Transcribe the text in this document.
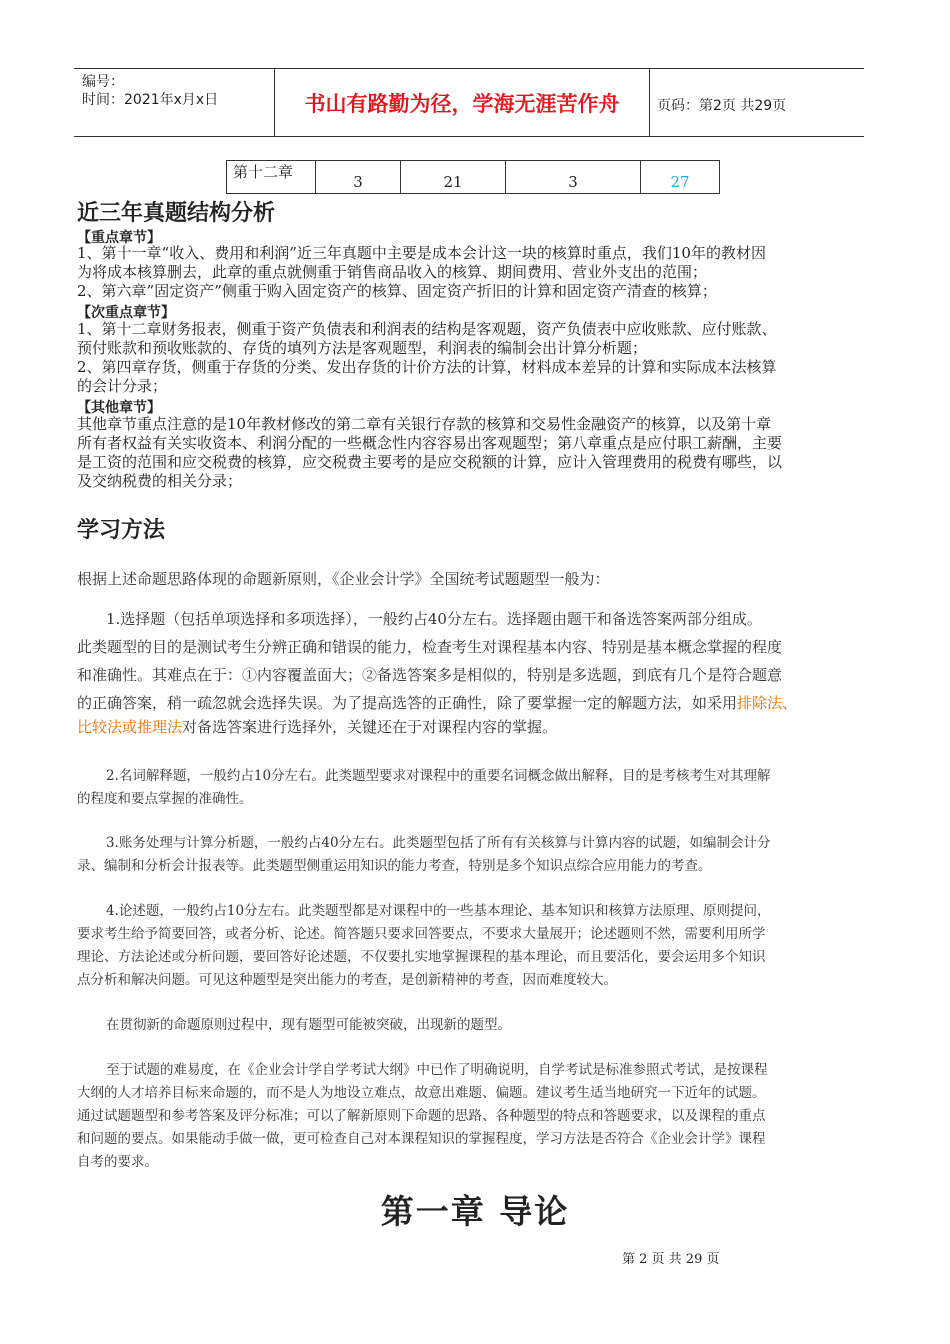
编号：
时间：2021年x月x日	书山有路勤为径，学海无涯苦作舟	页码：第2页 共29页
第十二章	3	21	3	27
近三年真题结构分析
【重点章节】
1、第十一章“收入、费用和利润”近三年真题中主要是成本会计这一块的核算时重点，我们10年的教材因
为将成本核算删去，此章的重点就侧重于销售商品收入的核算、期间费用、营业外支出的范围；
2、第六章”固定资产”侧重于购入固定资产的核算、固定资产折旧的计算和固定资产清查的核算；
【次重点章节】
1、第十二章财务报表，侧重于资产负债表和利润表的结构是客观题，资产负债表中应收账款、应付账款、
预付账款和预收账款的、存货的填列方法是客观题型，利润表的编制会出计算分析题；
2、第四章存货，侧重于存货的分类、发出存货的计价方法的计算，材料成本差异的计算和实际成本法核算
的会计分录；
【其他章节】
其他章节重点注意的是10年教材修改的第二章有关银行存款的核算和交易性金融资产的核算，以及第十章
所有者权益有关实收资本、利润分配的一些概念性内容容易出客观题型；第八章重点是应付职工薪酬，主要
是工资的范围和应交税费的核算，应交税费主要考的是应交税额的计算，应计入管理费用的税费有哪些，以
及交纳税费的相关分录；
学习方法
根据上述命题思路体现的命题新原则，《企业会计学》全国统考试题题型一般为：
1.选择题（包括单项选择和多项选择），一般约占40分左右。选择题由题干和备选答案两部分组成。
此类题型的目的是测试考生分辨正确和错误的能力，检查考生对课程基本内容、特别是基本概念掌握的程度
和准确性。其难点在于：①内容覆盖面大；②备选答案多是相似的，特别是多选题，到底有几个是符合题意
的正确答案，稍一疏忽就会选择失误。为了提高选答的正确性，除了要掌握一定的解题方法，如采用排除法、
比较法或推理法对备选答案进行选择外，关键还在于对课程内容的掌握。
2.名词解释题，一般约占10分左右。此类题型要求对课程中的重要名词概念做出解释，目的是考核考生对其理解
的程度和要点掌握的准确性。
3.账务处理与计算分析题，一般约占40分左右。此类题型包括了所有有关核算与计算内容的试题，如编制会计分
录、编制和分析会计报表等。此类题型侧重运用知识的能力考查，特别是多个知识点综合应用能力的考查。
4.论述题，一般约占10分左右。此类题型都是对课程中的一些基本理论、基本知识和核算方法原理、原则提问，
要求考生给予简要回答，或者分析、论述。简答题只要求回答要点，不要求大量展开；论述题则不然，需要利用所学
理论、方法论述或分析问题，要回答好论述题，不仅要扎实地掌握课程的基本理论，而且要活化，要会运用多个知识
点分析和解决问题。可见这种题型是突出能力的考查，是创新精神的考查，因而难度较大。
在贯彻新的命题原则过程中，现有题型可能被突破，出现新的题型。
至于试题的难易度，在《企业会计学自学考试大纲》中已作了明确说明，自学考试是标准参照式考试，是按课程
大纲的人才培养目标来命题的，而不是人为地设立难点，故意出难题、偏题。建议考生适当地研究一下近年的试题。
通过试题题型和参考答案及评分标准；可以了解新原则下命题的思路、各种题型的特点和答题要求，以及课程的重点
和问题的要点。如果能动手做一做，更可检查自己对本课程知识的掌握程度，学习方法是否符合《企业会计学》课程
自考的要求。
第一章 导论
第 2 页 共 29 页
